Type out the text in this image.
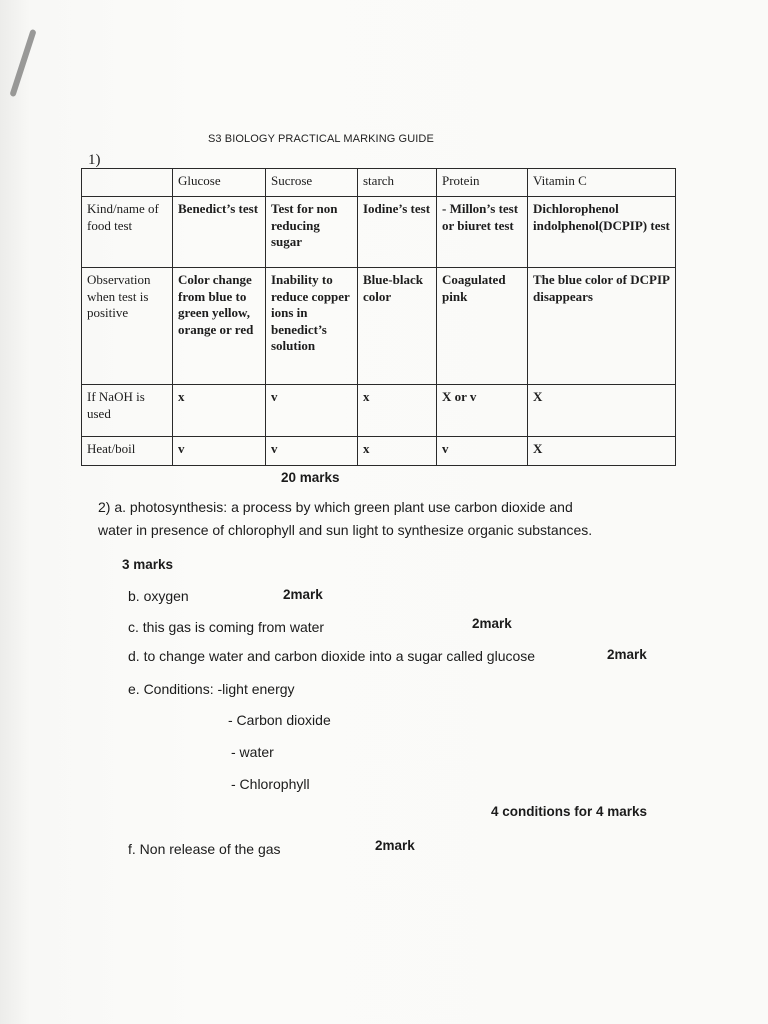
S3 BIOLOGY PRACTICAL MARKING GUIDE
1)
	Glucose	Sucrose	starch	Protein	Vitamin C
Kind/name of food test	Benedict’s test	Test for non reducing sugar	Iodine’s test	- Millon’s test or biuret test	Dichlorophenol indolphenol(DCPIP) test
Observation when test is positive	Color change from blue to green yellow, orange or red	Inability to reduce copper ions in benedict’s solution	Blue-black color	Coagulated pink	The blue color of DCPIP disappears
If NaOH is used	x	v	x	X or v	X
Heat/boil	v	v	x	v	X
20 marks
2) a. photosynthesis: a process by which green plant use carbon dioxide and
water in presence of chlorophyll and sun light to synthesize organic substances.
3 marks
b. oxygen	2mark
c. this gas is coming from water	2mark
d. to change water and carbon dioxide into a sugar called glucose	2mark
e. Conditions: -light energy
- Carbon dioxide
- water
- Chlorophyll
4 conditions for 4 marks
f. Non release of the gas	2mark
